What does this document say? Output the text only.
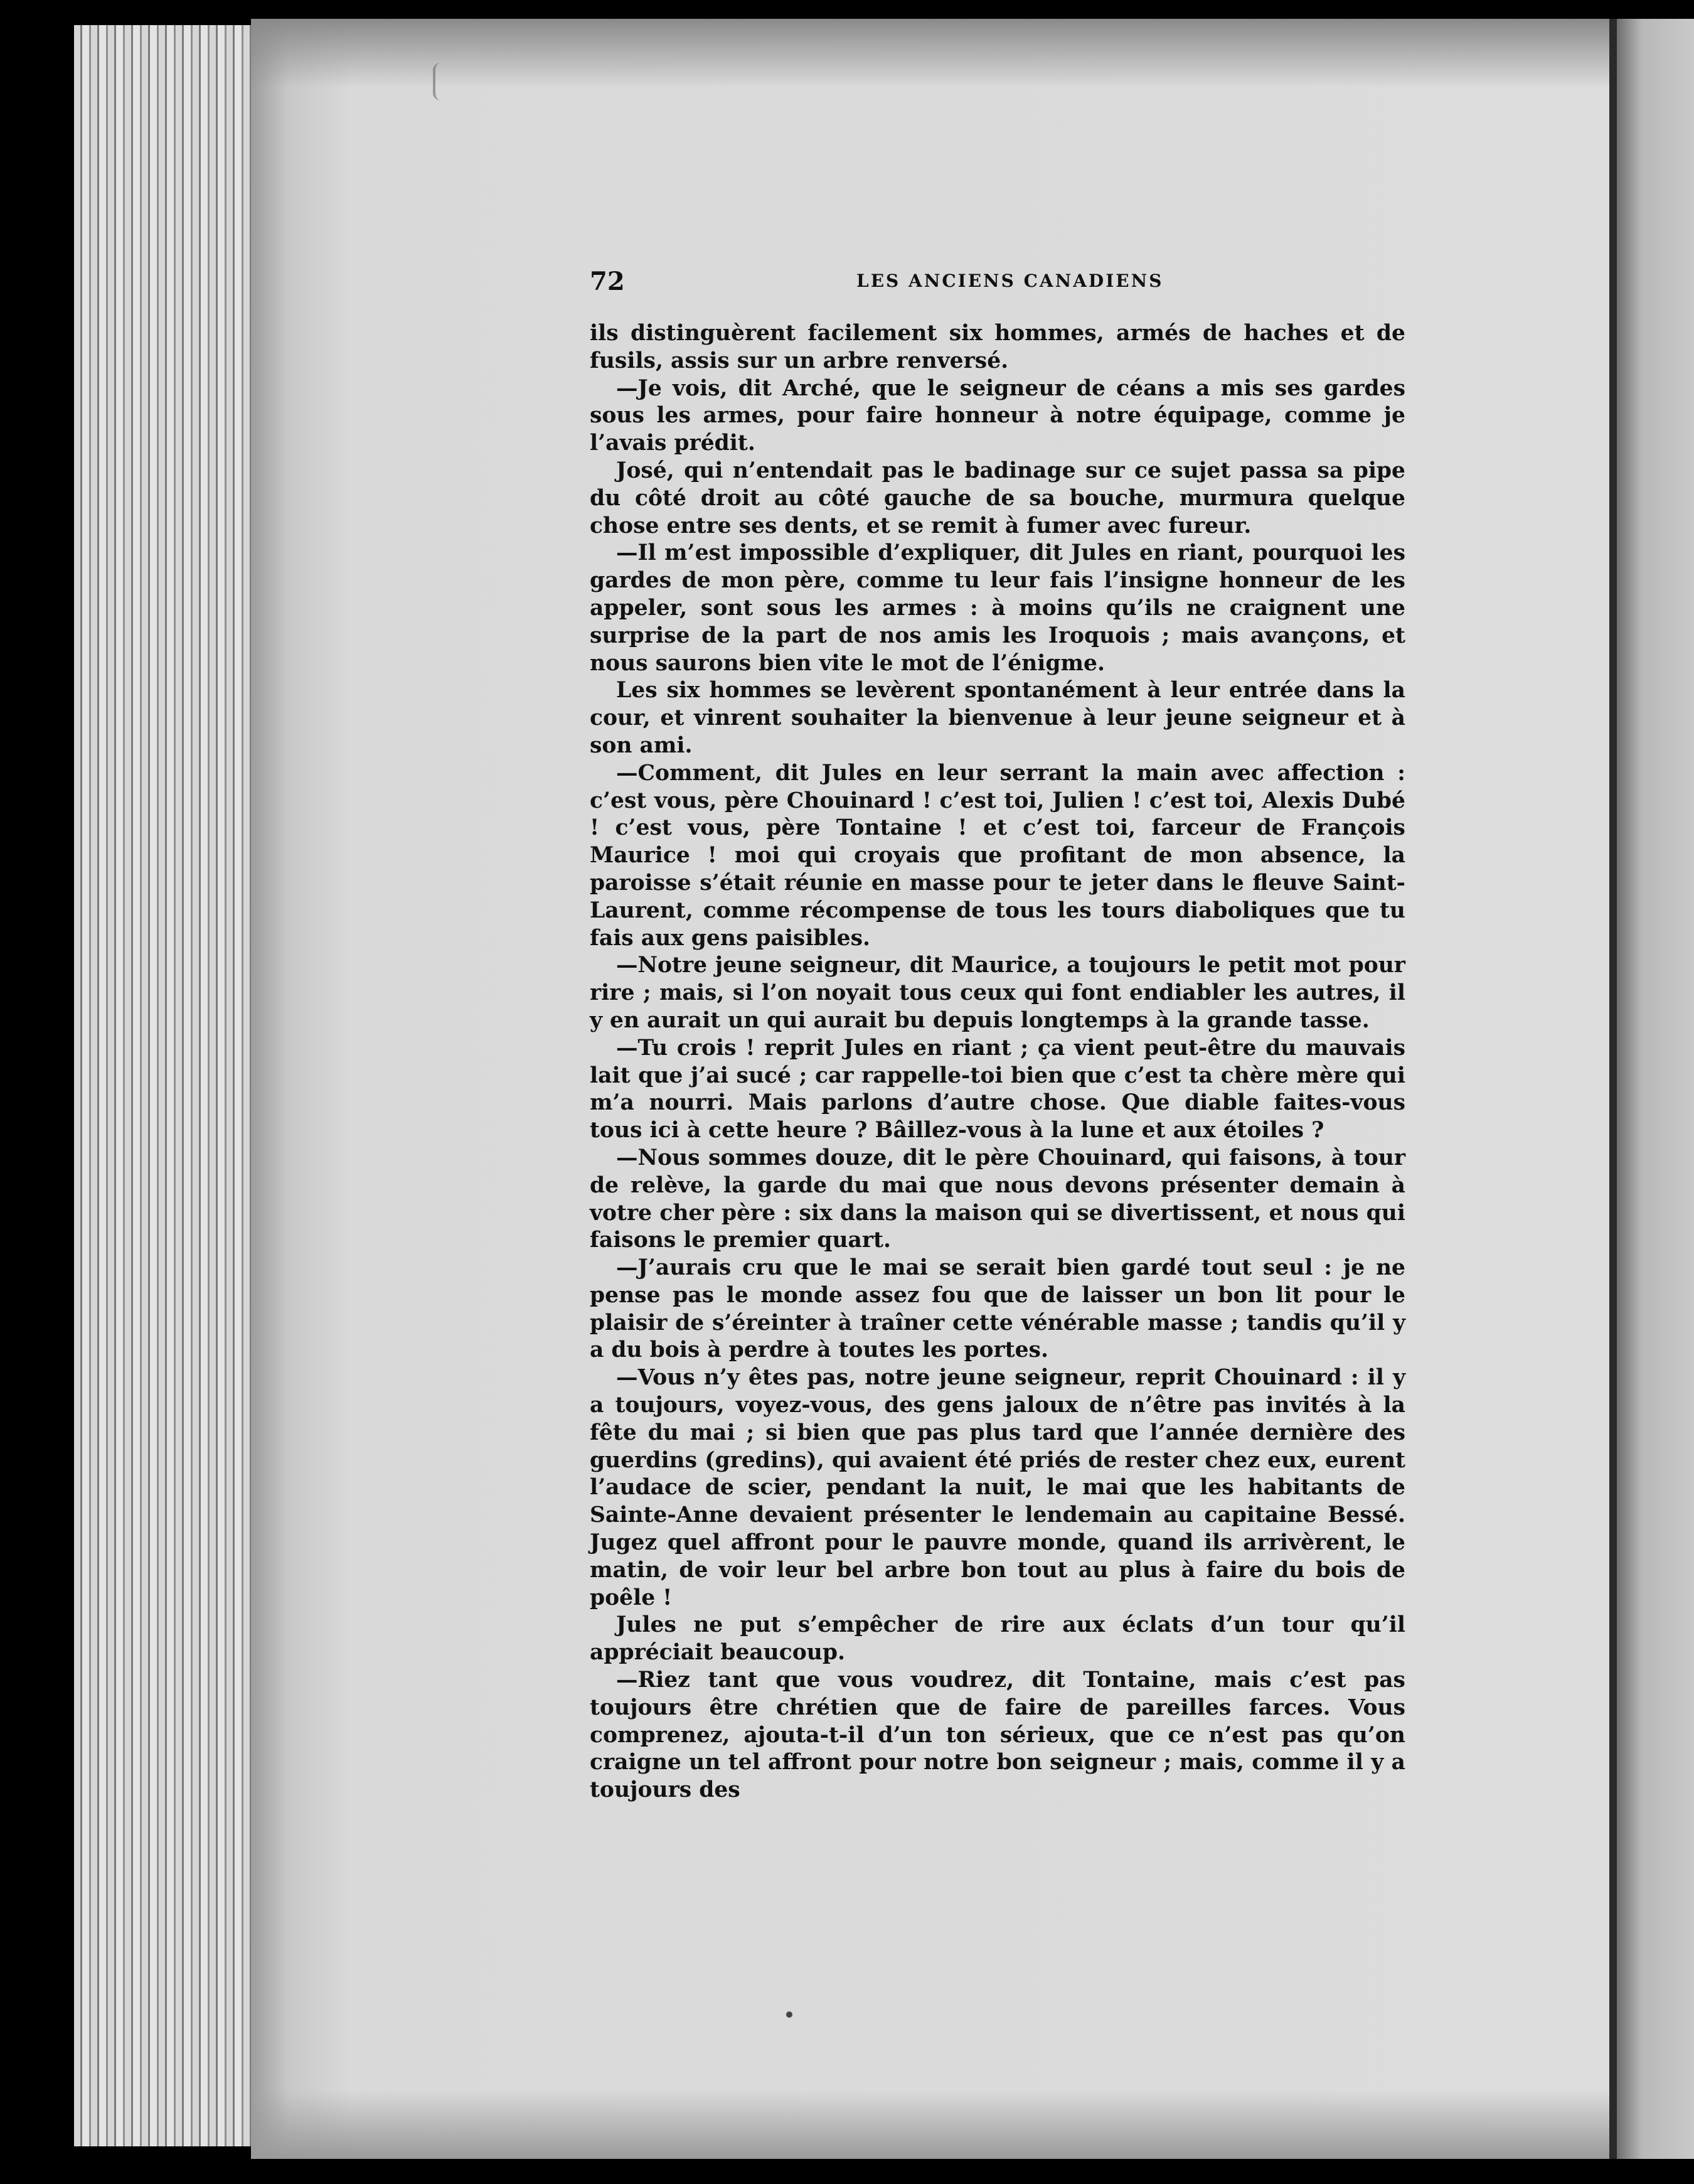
72	LES ANCIENS CANADIENS

ils distinguèrent facilement six hommes, armés de haches et de fusils, assis sur un arbre renversé.

—Je vois, dit Arché, que le seigneur de céans a mis ses gardes sous les armes, pour faire honneur à notre équipage, comme je l’avais prédit.

José, qui n’entendait pas le badinage sur ce sujet passa sa pipe du côté droit au côté gauche de sa bouche, murmura quelque chose entre ses dents, et se remit à fumer avec fureur.

—Il m’est impossible d’expliquer, dit Jules en riant, pourquoi les gardes de mon père, comme tu leur fais l’insigne honneur de les appeler, sont sous les armes : à moins qu’ils ne craignent une surprise de la part de nos amis les Iroquois ; mais avançons, et nous saurons bien vite le mot de l’énigme.

Les six hommes se levèrent spontanément à leur entrée dans la cour, et vinrent souhaiter la bienvenue à leur jeune seigneur et à son ami.

—Comment, dit Jules en leur serrant la main avec affection : c’est vous, père Chouinard ! c’est toi, Julien ! c’est toi, Alexis Dubé ! c’est vous, père Tontaine ! et c’est toi, farceur de François Maurice ! moi qui croyais que profitant de mon absence, la paroisse s’était réunie en masse pour te jeter dans le fleuve Saint-Laurent, comme récompense de tous les tours diaboliques que tu fais aux gens paisibles.

—Notre jeune seigneur, dit Maurice, a toujours le petit mot pour rire ; mais, si l’on noyait tous ceux qui font endiabler les autres, il y en aurait un qui aurait bu depuis longtemps à la grande tasse.

—Tu crois ! reprit Jules en riant ; ça vient peut-être du mauvais lait que j’ai sucé ; car rappelle-toi bien que c’est ta chère mère qui m’a nourri. Mais parlons d’autre chose. Que diable faites-vous tous ici à cette heure ? Bâillez-vous à la lune et aux étoiles ?

—Nous sommes douze, dit le père Chouinard, qui faisons, à tour de relève, la garde du mai que nous devons présenter demain à votre cher père : six dans la maison qui se divertissent, et nous qui faisons le premier quart.

—J’aurais cru que le mai se serait bien gardé tout seul : je ne pense pas le monde assez fou que de laisser un bon lit pour le plaisir de s’éreinter à traîner cette vénérable masse ; tandis qu’il y a du bois à perdre à toutes les portes.

—Vous n’y êtes pas, notre jeune seigneur, reprit Chouinard : il y a toujours, voyez-vous, des gens jaloux de n’être pas invités à la fête du mai ; si bien que pas plus tard que l’année dernière des guerdins (gredins), qui avaient été priés de rester chez eux, eurent l’audace de scier, pendant la nuit, le mai que les habitants de Sainte-Anne devaient présenter le lendemain au capitaine Bessé. Jugez quel affront pour le pauvre monde, quand ils arrivèrent, le matin, de voir leur bel arbre bon tout au plus à faire du bois de poêle !

Jules ne put s’empêcher de rire aux éclats d’un tour qu’il appréciait beaucoup.

—Riez tant que vous voudrez, dit Tontaine, mais c’est pas toujours être chrétien que de faire de pareilles farces. Vous comprenez, ajouta-t-il d’un ton sérieux, que ce n’est pas qu’on craigne un tel affront pour notre bon seigneur ; mais, comme il y a toujours des
